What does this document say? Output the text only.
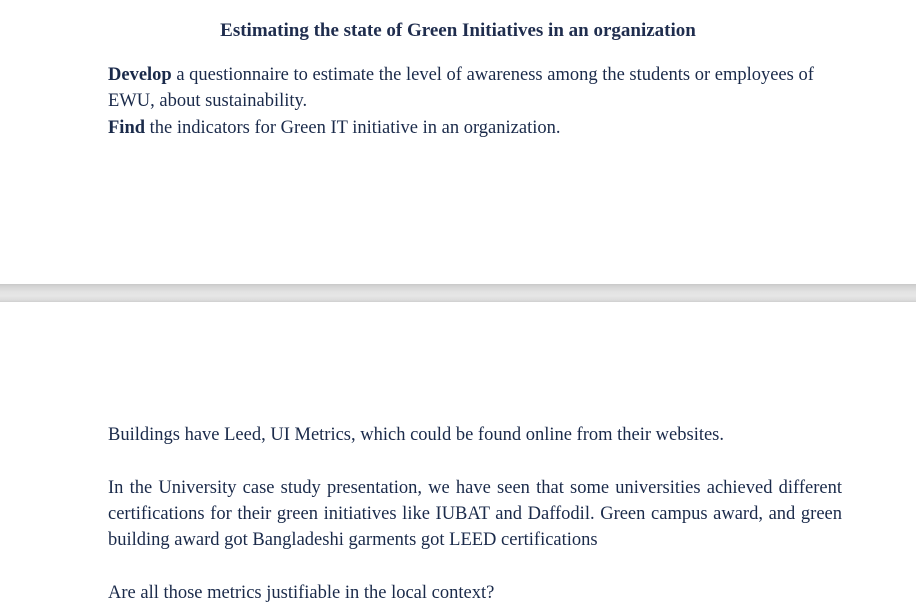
Estimating the state of Green Initiatives in an organization

Develop a questionnaire to estimate the level of awareness among the students or employees of EWU, about sustainability.

Find the indicators for Green IT initiative in an organization.

Buildings have Leed, UI Metrics, which could be found online from their websites.

In the University case study presentation, we have seen that some universities achieved different certifications for their green initiatives like IUBAT and Daffodil. Green campus award, and green building award got Bangladeshi garments got LEED certifications

Are all those metrics justifiable in the local context?
